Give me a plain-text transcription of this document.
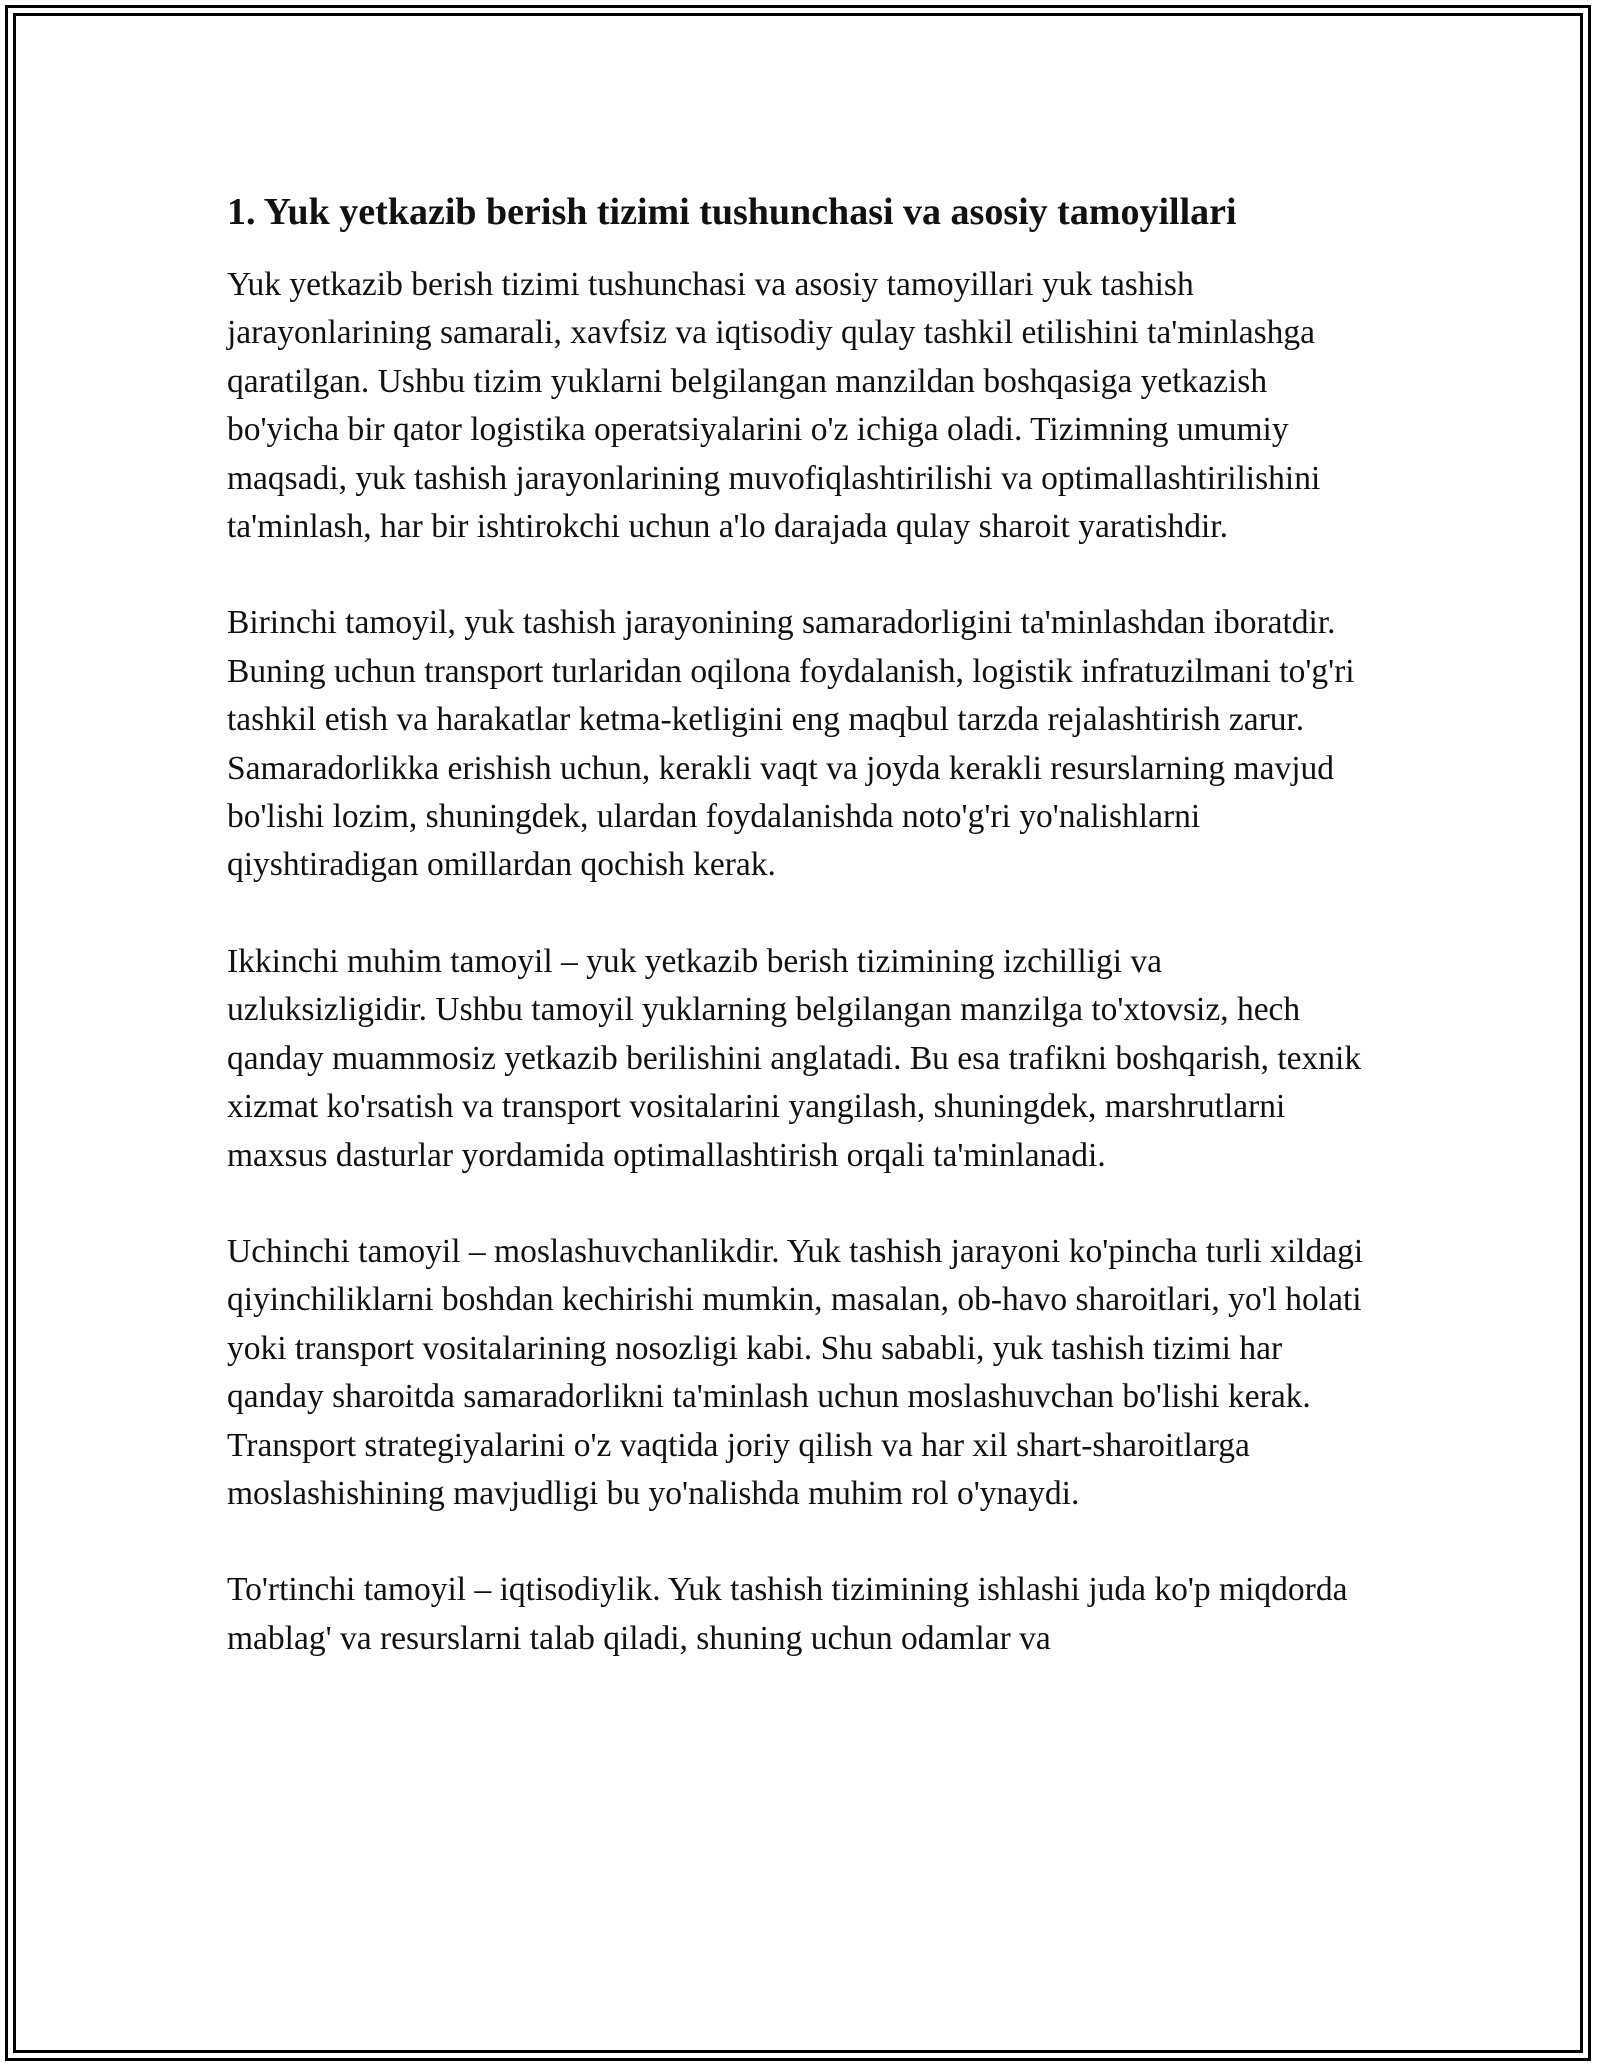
1. Yuk yetkazib berish tizimi tushunchasi va asosiy tamoyillari

Yuk yetkazib berish tizimi tushunchasi va asosiy tamoyillari yuk tashish jarayonlarining samarali, xavfsiz va iqtisodiy qulay tashkil etilishini ta'minlashga qaratilgan. Ushbu tizim yuklarni belgilangan manzildan boshqasiga yetkazish bo'yicha bir qator logistika operatsiyalarini o'z ichiga oladi. Tizimning umumiy maqsadi, yuk tashish jarayonlarining muvofiqlashtirilishi va optimallashtirilishini ta'minlash, har bir ishtirokchi uchun a'lo darajada qulay sharoit yaratishdir.

Birinchi tamoyil, yuk tashish jarayonining samaradorligini ta'minlashdan iboratdir. Buning uchun transport turlaridan oqilona foydalanish, logistik infratuzilmani to'g'ri tashkil etish va harakatlar ketma-ketligini eng maqbul tarzda rejalashtirish zarur. Samaradorlikka erishish uchun, kerakli vaqt va joyda kerakli resurslarning mavjud bo'lishi lozim, shuningdek, ulardan foydalanishda noto'g'ri yo'nalishlarni qiyshtiradigan omillardan qochish kerak.

Ikkinchi muhim tamoyil – yuk yetkazib berish tizimining izchilligi va uzluksizligidir. Ushbu tamoyil yuklarning belgilangan manzilga to'xtovsiz, hech qanday muammosiz yetkazib berilishini anglatadi. Bu esa trafikni boshqarish, texnik xizmat ko'rsatish va transport vositalarini yangilash, shuningdek, marshrutlarni maxsus dasturlar yordamida optimallashtirish orqali ta'minlanadi.

Uchinchi tamoyil – moslashuvchanlikdir. Yuk tashish jarayoni ko'pincha turli xildagi qiyinchiliklarni boshdan kechirishi mumkin, masalan, ob-havo sharoitlari, yo'l holati yoki transport vositalarining nosozligi kabi. Shu sababli, yuk tashish tizimi har qanday sharoitda samaradorlikni ta'minlash uchun moslashuvchan bo'lishi kerak. Transport strategiyalarini o'z vaqtida joriy qilish va har xil shart-sharoitlarga moslashishining mavjudligi bu yo'nalishda muhim rol o'ynaydi.

To'rtinchi tamoyil – iqtisodiylik. Yuk tashish tizimining ishlashi juda ko'p miqdorda mablag' va resurslarni talab qiladi, shuning uchun odamlar va
